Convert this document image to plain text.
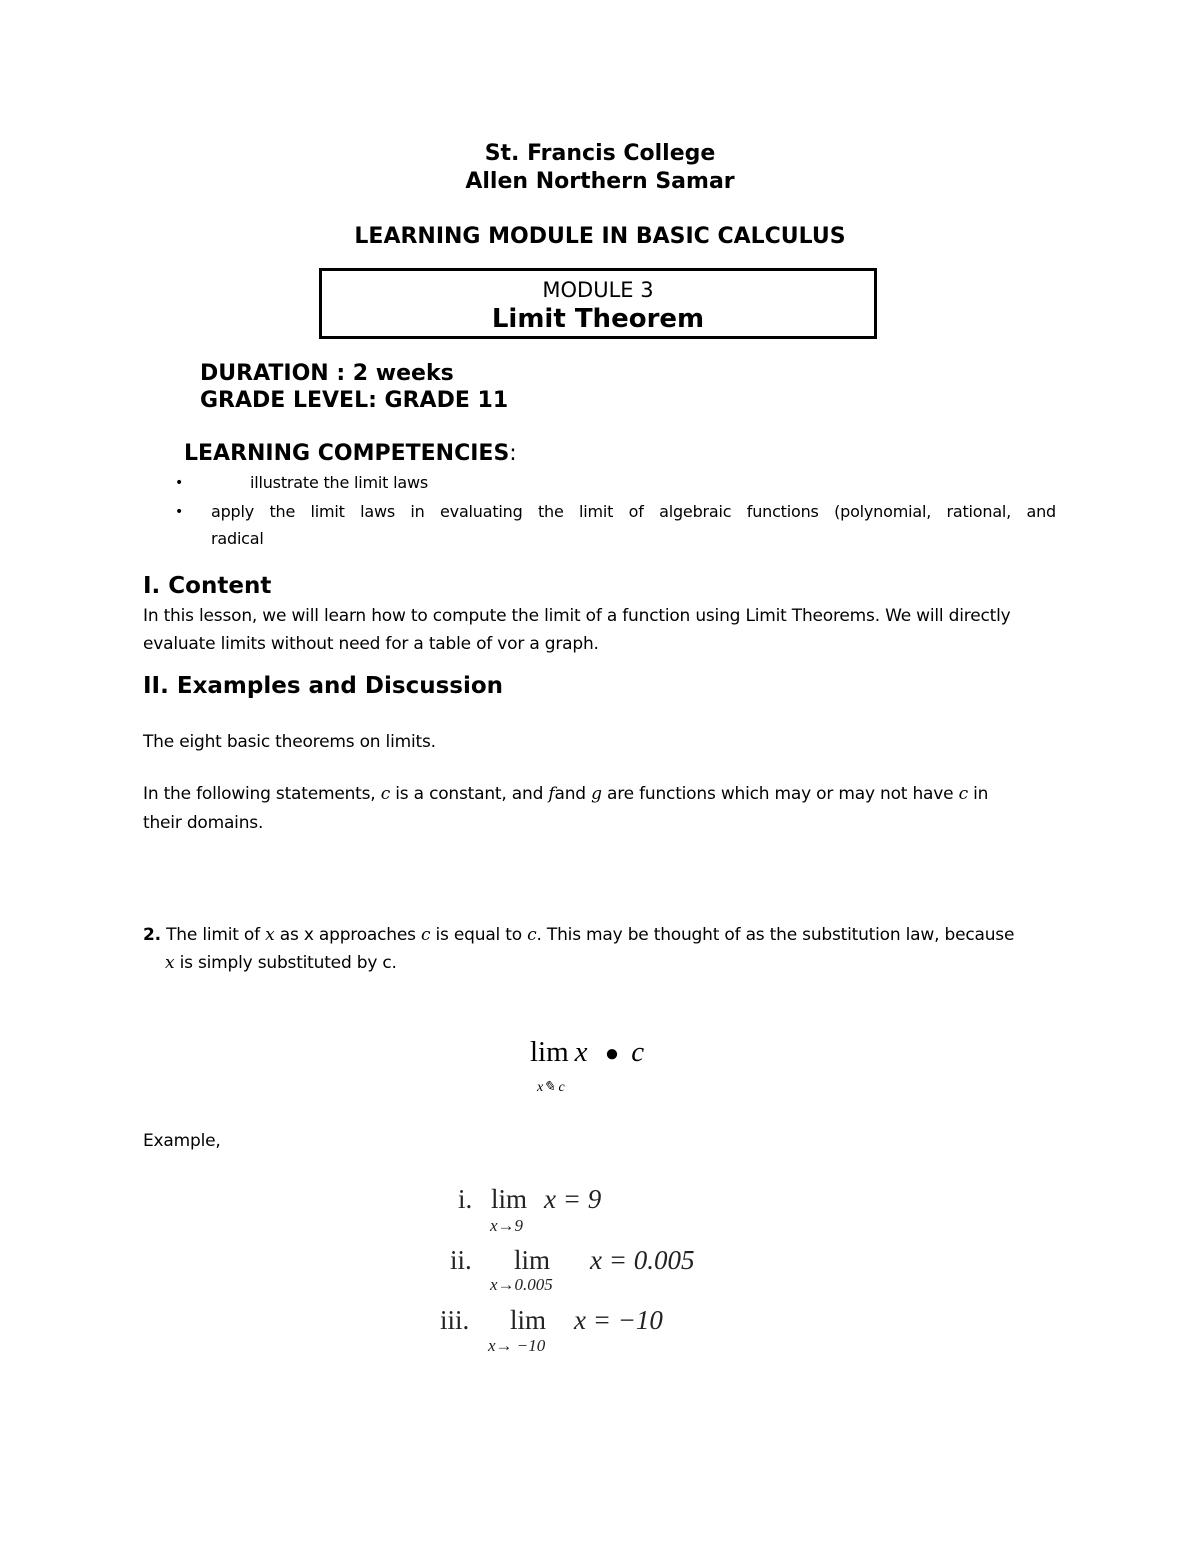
St. Francis College
Allen Northern Samar
LEARNING MODULE IN BASIC CALCULUS
MODULE 3
Limit Theorem
DURATION : 2 weeks
GRADE LEVEL: GRADE 11
LEARNING COMPETENCIES:
•	illustrate the limit laws
• apply the limit laws in evaluating the limit of algebraic functions (polynomial, rational, and
radical
I. Content
In this lesson, we will learn how to compute the limit of a function using Limit Theorems. We will directly
evaluate limits without need for a table of vor a graph.
II. Examples and Discussion
The eight basic theorems on limits.
In the following statements, c is a constant, and fand g are functions which may or may not have c in
their domains.
2. The limit of x as x approaches c is equal to c. This may be thought of as the substitution law, because
x is simply substituted by c.
lim x ● c
x✎ c
Example,
i. lim x = 9
x→9
ii. lim x = 0.005
x→0.005
iii. lim x = −10
x→ −10
